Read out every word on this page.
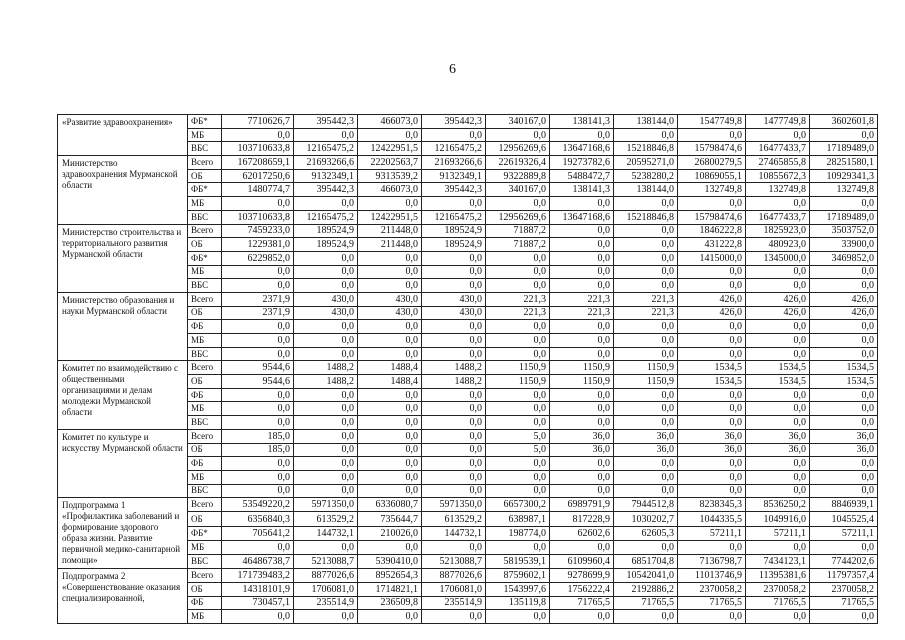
6
«Развитие здравоохранения»	ФБ*	7710626,7	395442,3	466073,0	395442,3	340167,0	138141,3	138144,0	1547749,8	1477749,8	3602601,8
	МБ	0,0	0,0	0,0	0,0	0,0	0,0	0,0	0,0	0,0	0,0
	ВБС	103710633,8	12165475,2	12422951,5	12165475,2	12956269,6	13647168,6	15218846,8	15798474,6	16477433,7	17189489,0
Министерство здравоохранения Мурманской области	Всего	167208659,1	21693266,6	22202563,7	21693266,6	22619326,4	19273782,6	20595271,0	26800279,5	27465855,8	28251580,1
	ОБ	62017250,6	9132349,1	9313539,2	9132349,1	9322889,8	5488472,7	5238280,2	10869055,1	10855672,3	10929341,3
	ФБ*	1480774,7	395442,3	466073,0	395442,3	340167,0	138141,3	138144,0	132749,8	132749,8	132749,8
	МБ	0,0	0,0	0,0	0,0	0,0	0,0	0,0	0,0	0,0	0,0
	ВБС	103710633,8	12165475,2	12422951,5	12165475,2	12956269,6	13647168,6	15218846,8	15798474,6	16477433,7	17189489,0
Министерство строительства и территориального развития Мурманской области	Всего	7459233,0	189524,9	211448,0	189524,9	71887,2	0,0	0,0	1846222,8	1825923,0	3503752,0
	ОБ	1229381,0	189524,9	211448,0	189524,9	71887,2	0,0	0,0	431222,8	480923,0	33900,0
	ФБ*	6229852,0	0,0	0,0	0,0	0,0	0,0	0,0	1415000,0	1345000,0	3469852,0
	МБ	0,0	0,0	0,0	0,0	0,0	0,0	0,0	0,0	0,0	0,0
	ВБС	0,0	0,0	0,0	0,0	0,0	0,0	0,0	0,0	0,0	0,0
Министерство образования и науки Мурманской области	Всего	2371,9	430,0	430,0	430,0	221,3	221,3	221,3	426,0	426,0	426,0
	ОБ	2371,9	430,0	430,0	430,0	221,3	221,3	221,3	426,0	426,0	426,0
	ФБ	0,0	0,0	0,0	0,0	0,0	0,0	0,0	0,0	0,0	0,0
	МБ	0,0	0,0	0,0	0,0	0,0	0,0	0,0	0,0	0,0	0,0
	ВБС	0,0	0,0	0,0	0,0	0,0	0,0	0,0	0,0	0,0	0,0
Комитет по взаимодействию с общественными организациями и делам молодежи Мурманской области	Всего	9544,6	1488,2	1488,4	1488,2	1150,9	1150,9	1150,9	1534,5	1534,5	1534,5
	ОБ	9544,6	1488,2	1488,4	1488,2	1150,9	1150,9	1150,9	1534,5	1534,5	1534,5
	ФБ	0,0	0,0	0,0	0,0	0,0	0,0	0,0	0,0	0,0	0,0
	МБ	0,0	0,0	0,0	0,0	0,0	0,0	0,0	0,0	0,0	0,0
	ВБС	0,0	0,0	0,0	0,0	0,0	0,0	0,0	0,0	0,0	0,0
Комитет по культуре и искусству Мурманской области	Всего	185,0	0,0	0,0	0,0	5,0	36,0	36,0	36,0	36,0	36,0
	ОБ	185,0	0,0	0,0	0,0	5,0	36,0	36,0	36,0	36,0	36,0
	ФБ	0,0	0,0	0,0	0,0	0,0	0,0	0,0	0,0	0,0	0,0
	МБ	0,0	0,0	0,0	0,0	0,0	0,0	0,0	0,0	0,0	0,0
	ВБС	0,0	0,0	0,0	0,0	0,0	0,0	0,0	0,0	0,0	0,0
Подпрограмма 1 «Профилактика заболеваний и формирование здорового образа жизни. Развитие первичной медико-санитарной помощи»	Всего	53549220,2	5971350,0	6336080,7	5971350,0	6657300,2	6989791,9	7944512,8	8238345,3	8536250,2	8846939,1
	ОБ	6356840,3	613529,2	735644,7	613529,2	638987,1	817228,9	1030202,7	1044335,5	1049916,0	1045525,4
	ФБ*	705641,2	144732,1	210026,0	144732,1	198774,0	62602,6	62605,3	57211,1	57211,1	57211,1
	МБ	0,0	0,0	0,0	0,0	0,0	0,0	0,0	0,0	0,0	0,0
	ВБС	46486738,7	5213088,7	5390410,0	5213088,7	5819539,1	6109960,4	6851704,8	7136798,7	7434123,1	7744202,6
Подпрограмма 2 «Совершенствование оказания специализированной,	Всего	171739483,2	8877026,6	8952654,3	8877026,6	8759602,1	9278699,9	10542041,0	11013746,9	11395381,6	11797357,4
	ОБ	14318101,9	1706081,0	1714821,1	1706081,0	1543997,6	1756222,4	2192886,2	2370058,2	2370058,2	2370058,2
	ФБ	730457,1	235514,9	236509,8	235514,9	135119,8	71765,5	71765,5	71765,5	71765,5	71765,5
	МБ	0,0	0,0	0,0	0,0	0,0	0,0	0,0	0,0	0,0	0,0
